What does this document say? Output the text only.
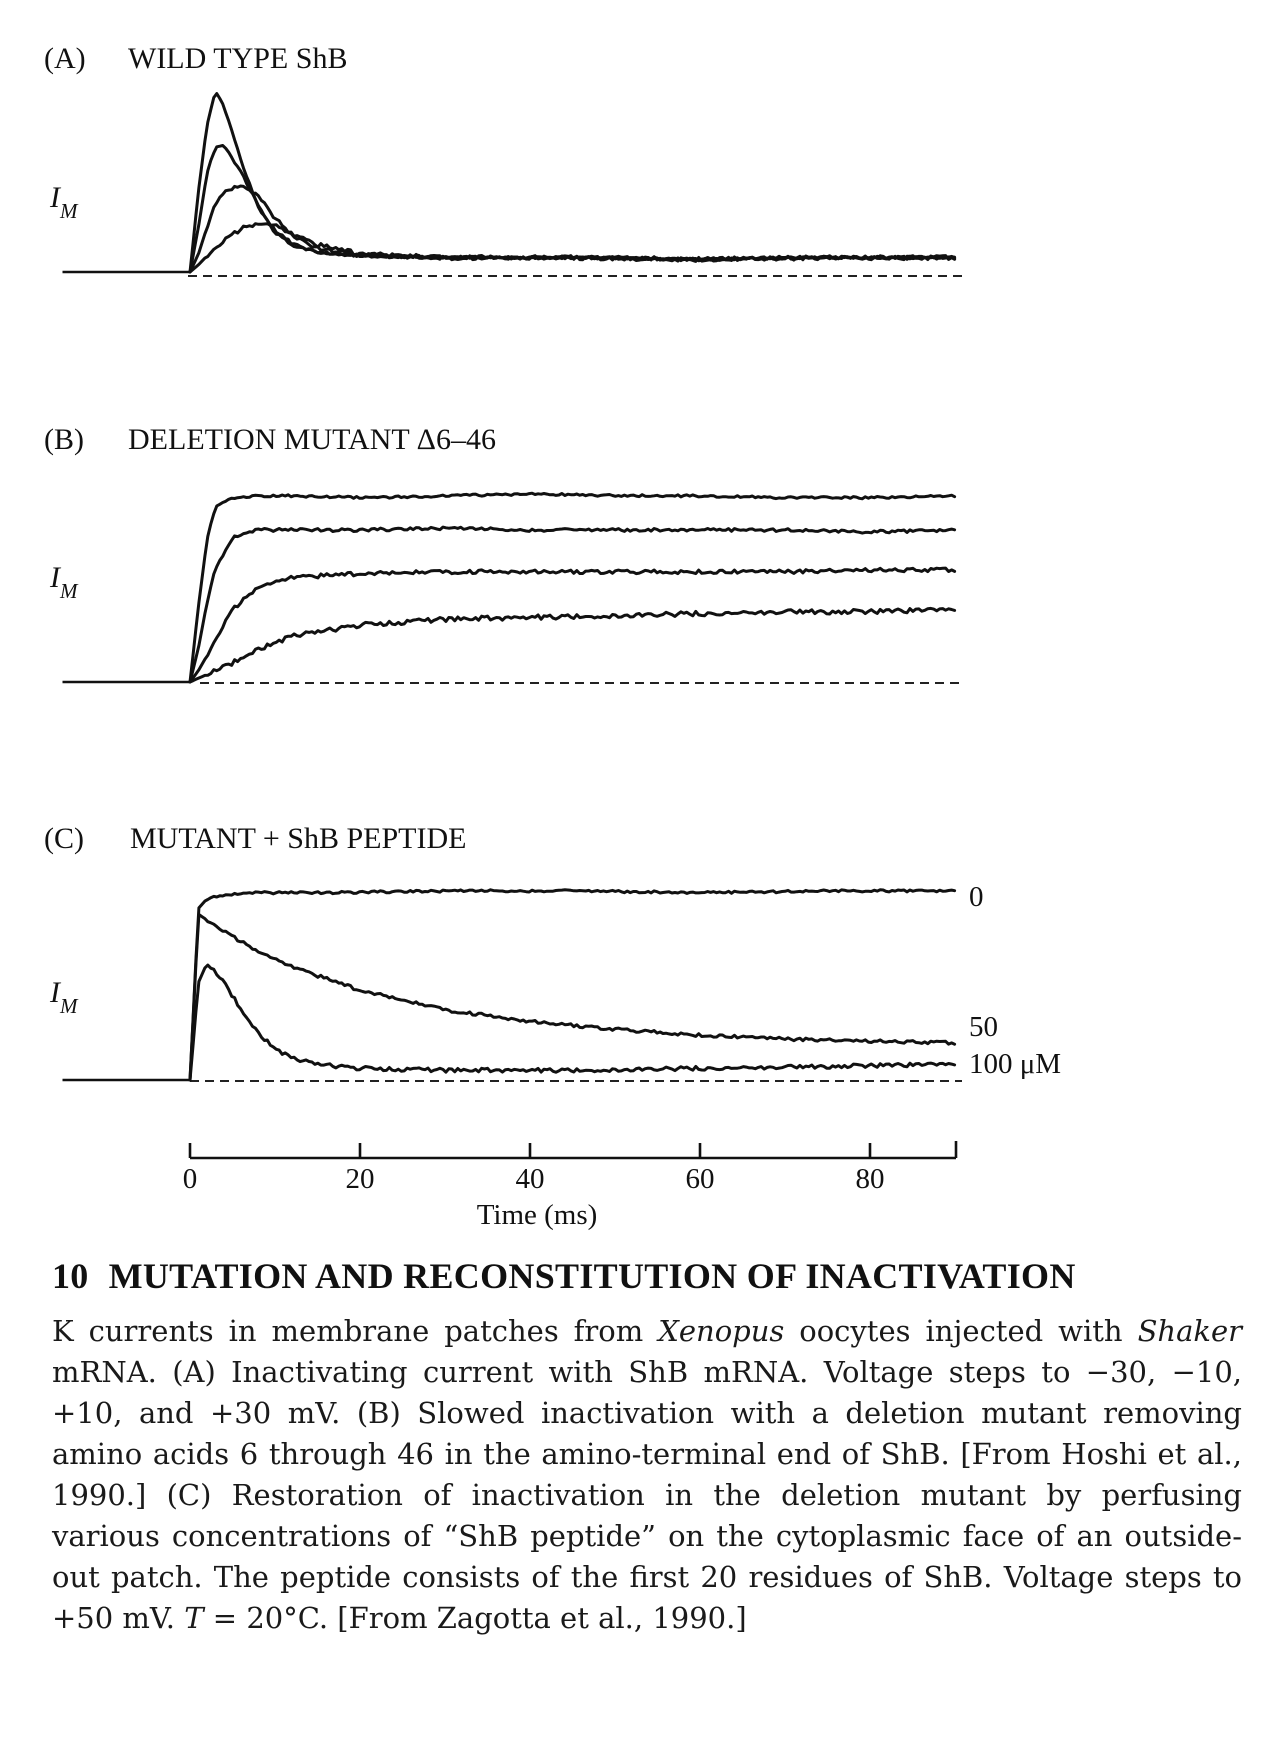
(A) WILD TYPE ShB
I M
(B) DELETION MUTANT Δ6–46
I M
(C) MUTANT + ShB PEPTIDE
I M
0
50
100 μM
0	20	40	60	80
Time (ms)
10 MUTATION AND RECONSTITUTION OF INACTIVATION

K currents in membrane patches from Xenopus oocytes injected with Shaker mRNA. (A) Inactivating current with ShB mRNA. Voltage steps to −30, −10, +10, and +30 mV. (B) Slowed inactivation with a deletion mutant removing amino acids 6 through 46 in the amino-terminal end of ShB. [From Hoshi et al., 1990.] (C) Restoration of inactivation in the deletion mutant by perfusing various concentrations of “ShB peptide” on the cytoplasmic face of an outside-out patch. The peptide consists of the first 20 residues of ShB. Voltage steps to +50 mV. T = 20°C. [From Zagotta et al., 1990.]
